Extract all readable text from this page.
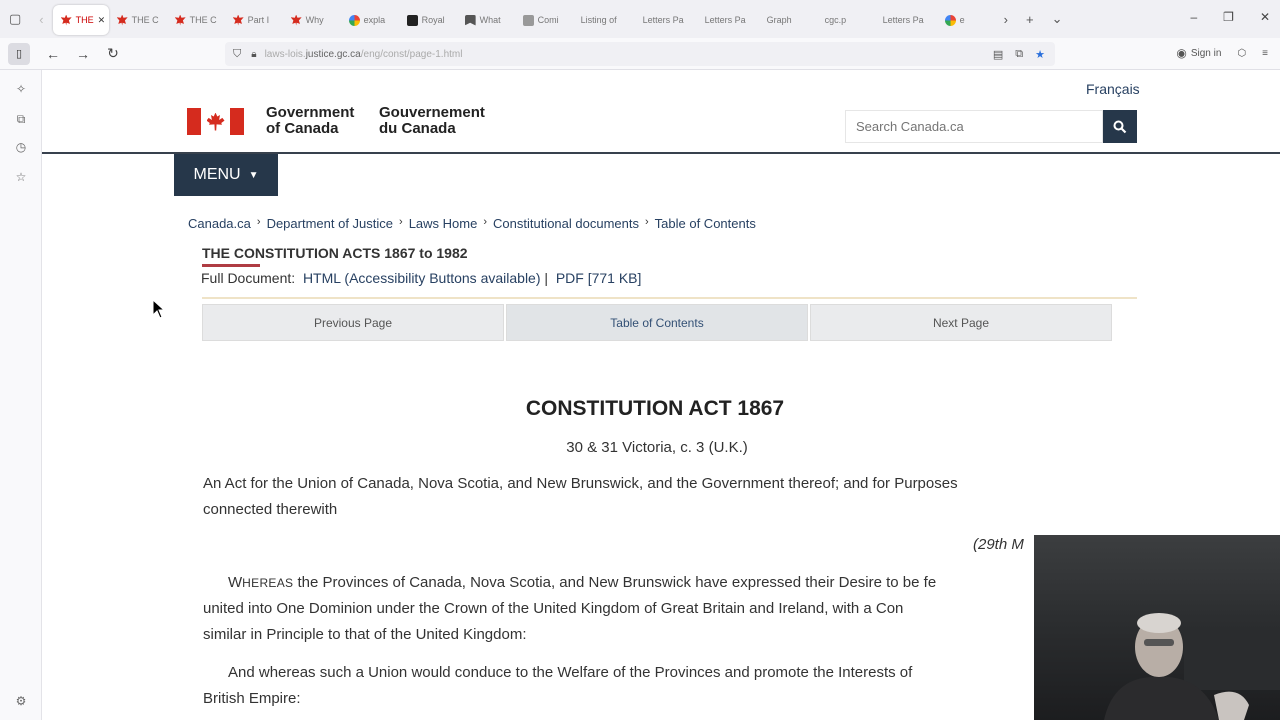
▢	‹	THE ✕	THE C	THE C	Part I	Why	expla	Royal	What	Comi Listing of	Letters Pa Letters Pa Graph	cgc.p	Letters Pa	e	›	+	⌄	– ❐ ✕
▯	←	→	↻	⛉ 🔒︎ laws-lois. justice.gc.ca /eng/const/page-1.html	▤ ⧉ ★	◉ Sign in ⬡ ≡
✧
⧉
◷
☆
⚙
Français
Government
of Canada
Gouvernement
du Canada
Search Canada.ca
MENU ▼
Canada.ca › Department of Justice › Laws Home › Constitutional documents › Table of Contents
THE CONSTITUTION ACTS 1867 to 1982
Full Document: HTML (Accessibility Buttons available) | PDF [771 KB]
Previous Page	Table of Contents	Next Page
CONSTITUTION ACT 1867
30 & 31 Victoria, c. 3 (U.K.)
An Act for the Union of Canada, Nova Scotia, and New Brunswick, and the Government thereof; and for Purposes
connected therewith
(29th M
WHEREAS the Provinces of Canada, Nova Scotia, and New Brunswick have expressed their Desire to be fe
united into One Dominion under the Crown of the United Kingdom of Great Britain and Ireland, with a Con
similar in Principle to that of the United Kingdom:
And whereas such a Union would conduce to the Welfare of the Provinces and promote the Interests of
British Empire:
